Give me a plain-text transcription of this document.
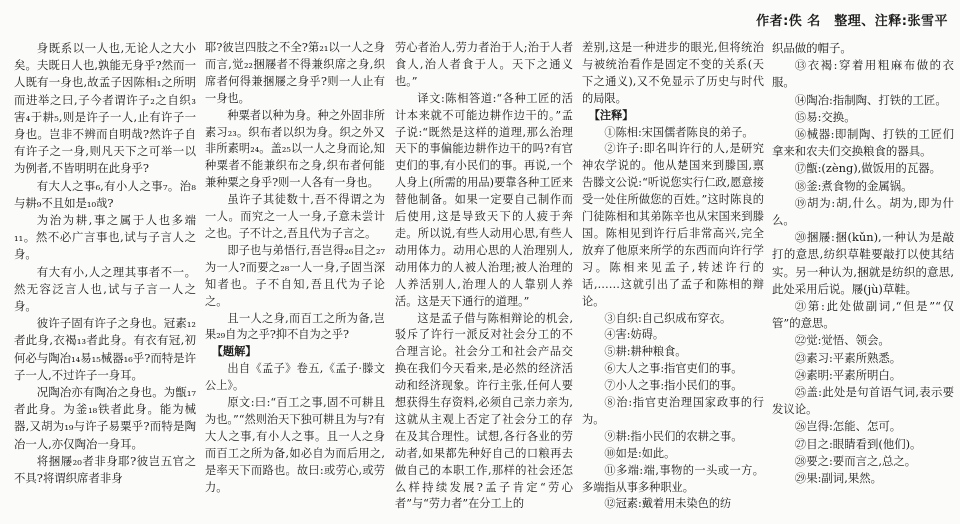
作者:佚 名　整理、注释:张雪平

身既系以一人也,无论人之大小矣。夫既日人也,孰能无身乎?然而一人既有一身也,故孟子因陈相₁之所明而进举之曰,子今者谓许子₂之自织₃害₄于耕₅,则是许子一人,止有许子一身也。岂非不辨而自明哉?然许子自有许子之一身,则凡天下之可举一以为例者,不皆明明在此身乎?

有大人之事₆,有小人之事₇。治₈与耕₉不且如是₁₀哉?

为治为耕,事之属于人也多端₁₁。然不必广言事也,试与子言人之身。

有大有小,人之理其事者不一。然无容泛言人也,试与子言一人之身。

彼许子固有许子之身也。冠素₁₂者此身,衣褐₁₃者此身。有衣有冠,初何必与陶冶₁₄易₁₅械器₁₆乎?而特是许子一人,不过许子一身耳。

况陶冶亦有陶冶之身也。为甑₁₇者此身。为釜₁₈铁者此身。能为械器,又胡为₁₉与许子易粟乎?而特是陶冶一人,亦仅陶冶一身耳。

将捆屦₂₀者非身耶?彼岂五官之不具?将谓织席者非身

耶?彼岂四肢之不全?第₂₁以一人之身而言,觉₂₂捆屦者不得兼织席之身,织席者何得兼捆屦之身乎?则一人止有一身也。

种粟者以种为身。种之外固非所素习₂₃。织布者以织为身。织之外又非所素明₂₄。盖₂₅以一人之身而论,知种粟者不能兼织布之身,织布者何能兼种粟之身乎?则一人各有一身也。

虽许子其徒数十,吾不得谓之为一人。而究之一人一身,子意未尝计之也。子不计之,吾且代为子言之。

即子也与弟悟行,吾岂得₂₆目之₂₇为一人?而要之₂₈一人一身,子固当深知者也。子不自知,吾且代为子论之。

且一人之身,而百工之所为备,岂果₂₉自为之乎?抑不自为之乎?

【题解】

出自《孟子》卷五,《孟子·滕文公上》。

原文:曰:“百工之事,固不可耕且为也。”“然则治天下独可耕且为与?有大人之事,有小人之事。且一人之身而百工之所为备,如必自为而后用之,是率天下而路也。故曰:或劳心,或劳力。

劳心者治人,劳力者治于人;治于人者食人,治人者食于人。天下之通义也。”

译文:陈相答道:“各种工匠的活计本来就不可能边耕作边干的。”孟子说:“既然是这样的道理,那么治理天下的事偏能边耕作边干的吗?有官吏们的事,有小民们的事。再说,一个人身上(所需的用品)要靠各种工匠来替他制备。如果一定要自己制作而后使用,这是导致天下的人疲于奔走。所以说,有些人动用心思,有些人动用体力。动用心思的人治理别人,动用体力的人被人治理;被人治理的人养活别人,治理人的人靠别人养活。这是天下通行的道理。”

这是孟子借与陈相辩论的机会,驳斥了许行一派反对社会分工的不合理言论。社会分工和社会产品交换在我们今天看来,是必然的经济活动和经济现象。许行主张,任何人要想获得生存资料,必须自己亲力亲为,这就从主观上否定了社会分工的存在及其合理性。试想,各行各业的劳动者,如果都先种好自己的口粮再去做自己的本职工作,那样的社会还怎么样持续发展?孟子肯定“劳心者”与“劳力者”在分工上的

差别,这是一种进步的眼光,但将统治与被统治看作是固定不变的关系(天下之通义),又不免显示了历史与时代的局限。

【注释】

①陈相:宋国儒者陈良的弟子。

②许子:即名叫许行的人,是研究神农学说的。他从楚国来到滕国,禀告滕文公说:“听说您实行仁政,愿意接受一处住所做您的百姓。”这时陈良的门徒陈相和其弟陈辛也从宋国来到滕国。陈相见到许行后非常高兴,完全放弃了他原来所学的东西而向许行学习。陈相来见孟子,转述许行的话,……这就引出了孟子和陈相的辩论。

③自织:自己织成布穿衣。

④害:妨碍。

⑤耕:耕种粮食。

⑥大人之事:指官吏们的事。

⑦小人之事:指小民们的事。

⑧治:指官吏治理国家政事的行为。

⑨耕:指小民们的农耕之事。

⑩如是:如此。

⑪多端:端,事物的一头或一方。多端指从事多种职业。

⑫冠素:戴着用未染色的纺

织品做的帽子。

⑬衣褐:穿着用粗麻布做的衣服。

⑭陶冶:指制陶、打铁的工匠。

⑮易:交换。

⑯械器:即制陶、打铁的工匠们拿来和农夫们交换粮食的器具。

⑰甑:(zèng),做饭用的瓦器。

⑱釜:煮食物的金属锅。

⑲胡为:胡,什么。胡为,即为什么。

⑳捆屦:捆(kǔn),一种认为是敲打的意思,纺织草鞋要敲打以使其结实。另一种认为,捆就是纺织的意思,此处采用后说。屦(jù)草鞋。

㉑第:此处做副词,“但是”“仅管”的意思。

㉒觉:觉悟、领会。

㉓素习:平素所熟悉。

㉔素明:平素所明白。

㉕盖:此处是句首语气词,表示要发议论。

㉖岂得:怎能、怎可。

㉗目之:眼睛看到(他们)。

㉘要之:要而言之,总之。

㉙果:副词,果然。
